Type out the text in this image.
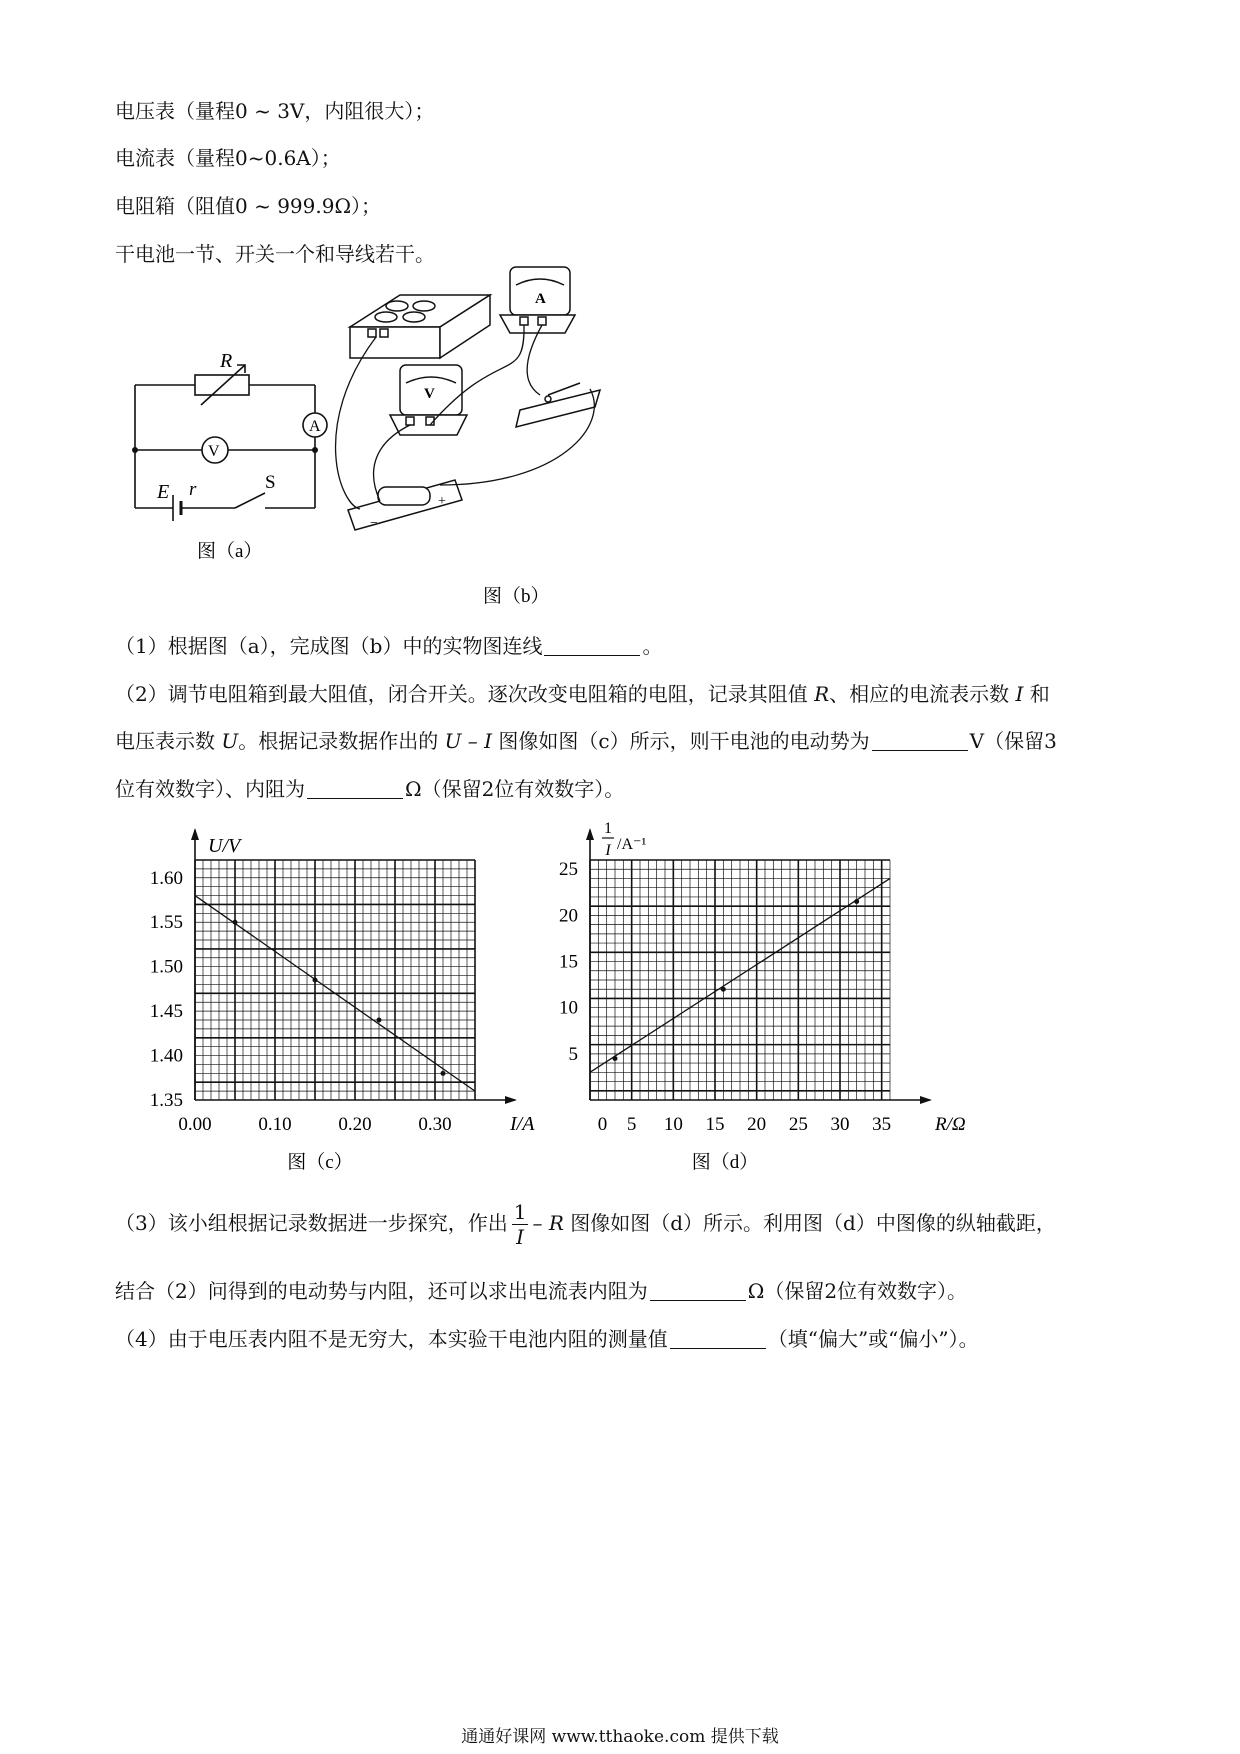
电压表（量程0 ~ 3V，内阻很大）；
电流表（量程0~0.6A）；
电阻箱（阻值0 ~ 999.9Ω）；
干电池一节、开关一个和导线若干。
R
A
V
E r	S
图（a）
A
V
−
+
图（b）
（1）根据图（a），完成图（b）中的实物图连线	。
（2）调节电阻箱到最大阻值，闭合开关。逐次改变电阻箱的电阻，记录其阻值 R、相应的电流表示数 I 和
电压表示数 U。根据记录数据作出的 U – I 图像如图（c）所示，则干电池的电动势为	V（保留3
位有效数字）、内阻为	Ω（保留2位有效数字）。
0.00 0.10 0.20 0.30
1.35
1.40
1.45
1.50
1.55
1.60
图（c）
U/V
I/A	0 5 10 15 20 25 30 35
5
10
15
20
25
图（d）
1
I /A⁻¹
R/Ω
（3）该小组根据记录数据进一步探究，作出 $\frac{1}{I}$ – R 图像如图（d）所示。利用图（d）中图像的纵轴截距，
结合（2）问得到的电动势与内阻，还可以求出电流表内阻为	Ω（保留2位有效数字）。
（4）由于电压表内阻不是无穷大，本实验干电池内阻的测量值	（填“偏大”或“偏小”）。
通通好课网 www.tthaoke.com 提供下载
